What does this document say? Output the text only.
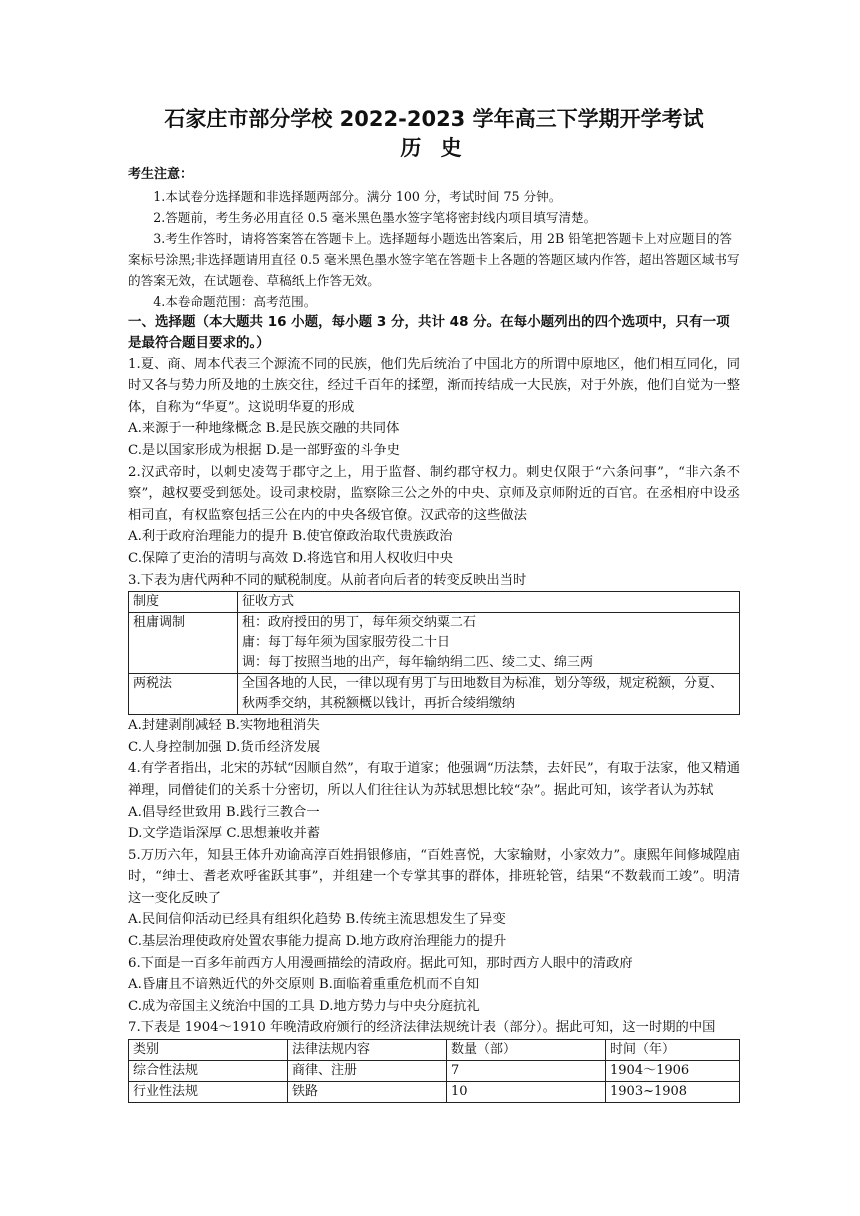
石家庄市部分学校 2022-2023 学年高三下学期开学考试
历 史
考生注意：
1.本试卷分选择题和非选择题两部分。满分 100 分，考试时间 75 分钟。
2.答题前，考生务必用直径 0.5 毫米黑色墨水签字笔将密封线内项目填写清楚。
3.考生作答时，请将答案答在答题卡上。选择题每小题选出答案后，用 2B 铅笔把答题卡上对应题目的答案标号涂黑;非选择题请用直径 0.5 毫米黑色墨水签字笔在答题卡上各题的答题区域内作答，超出答题区域书写的答案无效，在试题卷、草稿纸上作答无效。
4.本卷命题范围：高考范围。
一、选择题（本大题共 16 小题，每小题 3 分，共计 48 分。在每小题列出的四个选项中，只有一项是最符合题目要求的。）
1.夏、商、周本代表三个源流不同的民族，他们先后统治了中国北方的所谓中原地区，他们相互同化，同时又各与势力所及地的土族交往，经过千百年的揉塑，渐而抟结成一大民族，对于外族，他们自觉为一整体，自称为“华夏”。这说明华夏的形成
A.来源于一种地缘概念 B.是民族交融的共同体
C.是以国家形成为根据 D.是一部野蛮的斗争史
2.汉武帝时，以刺史凌驾于郡守之上，用于监督、制约郡守权力。刺史仅限于“六条问事”，“非六条不察”，越权要受到惩处。设司隶校尉，监察除三公之外的中央、京师及京师附近的百官。在丞相府中设丞相司直，有权监察包括三公在内的中央各级官僚。汉武帝的这些做法
A.利于政府治理能力的提升 B.使官僚政治取代贵族政治
C.保障了吏治的清明与高效 D.将选官和用人权收归中央
3.下表为唐代两种不同的赋税制度。从前者向后者的转变反映出当时
制度	征收方式
租庸调制	租：政府授田的男丁，每年须交纳粟二石
庸：每丁每年须为国家服劳役二十日
调：每丁按照当地的出产，每年输纳绢二匹、绫二丈、绵三两

两税法	全国各地的人民，一律以现有男丁与田地数目为标准，划分等级，规定税额，分夏、秋两季交纳，其税额概以钱计，再折合绫绢缴纳
A.封建剥削减轻 B.实物地租消失
C.人身控制加强 D.货币经济发展
4.有学者指出，北宋的苏轼“因顺自然”，有取于道家；他强调“历法禁，去奸民”，有取于法家，他又精通禅理，同僧徒们的关系十分密切，所以人们往往认为苏轼思想比较“杂”。据此可知，该学者认为苏轼
A.倡导经世致用 B.践行三教合一
D.文学造诣深厚 C.思想兼收并蓄
5.万历六年，知县王体升劝谕高淳百姓捐银修庙，“百姓喜悦，大家输财，小家效力”。康熙年间修城隍庙时，“绅士、耆老欢呼雀跃其事”，并组建一个专掌其事的群体，排班轮管，结果“不数载而工竣”。明清这一变化反映了
A.民间信仰活动已经具有组织化趋势 B.传统主流思想发生了异变
C.基层治理使政府处置农事能力提高 D.地方政府治理能力的提升
6.下面是一百多年前西方人用漫画描绘的清政府。据此可知，那时西方人眼中的清政府
A.昏庸且不谙熟近代的外交原则 B.面临着重重危机而不自知
C.成为帝国主义统治中国的工具 D.地方势力与中央分庭抗礼
7.下表是 1904～1910 年晚清政府颁行的经济法律法规统计表（部分）。据此可知，这一时期的中国
类别	法律法规内容	数量（部）	时间（年）
综合性法规	商律、注册	7	1904～1906
行业性法规	铁路	10	1903~1908
